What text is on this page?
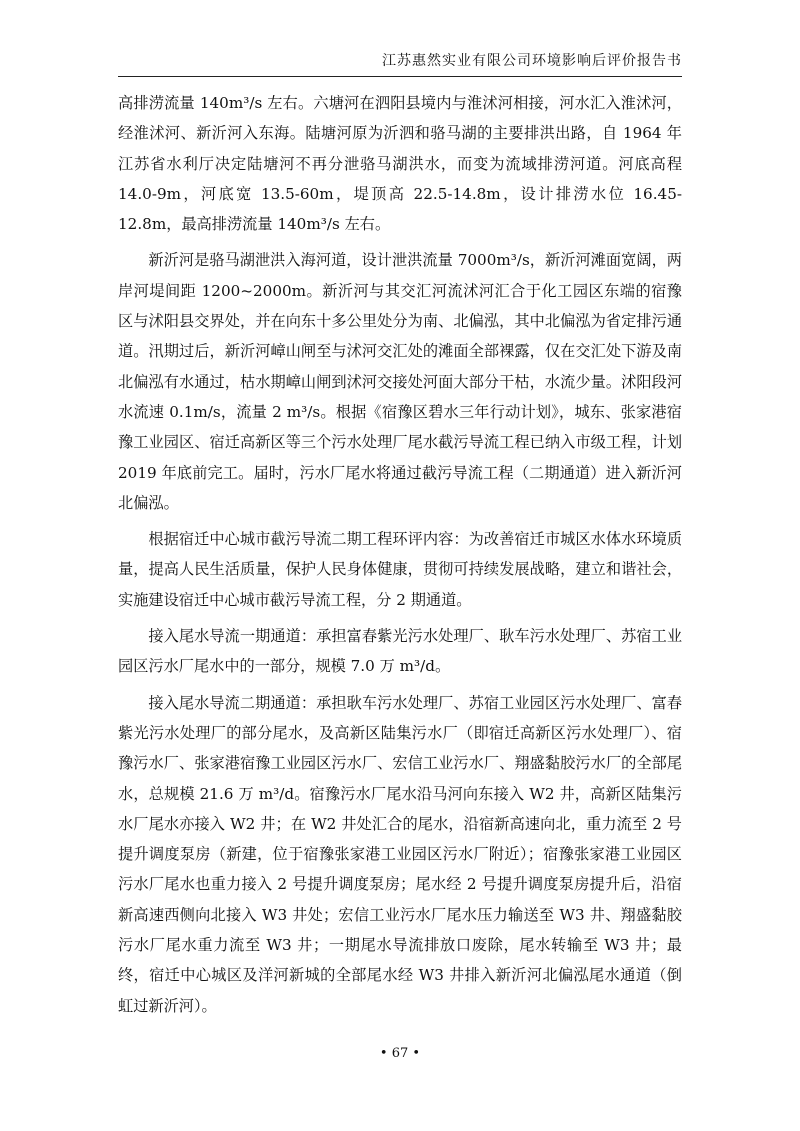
江苏惠然实业有限公司环境影响后评价报告书

高排涝流量 140m³/s 左右。六塘河在泗阳县境内与淮沭河相接，河水汇入淮沭河，经淮沭河、新沂河入东海。陆塘河原为沂泗和骆马湖的主要排洪出路，自 1964 年江苏省水利厅决定陆塘河不再分泄骆马湖洪水，而变为流域排涝河道。河底高程 14.0-9m，河底宽 13.5-60m，堤顶高 22.5-14.8m，设计排涝水位 16.45-12.8m，最高排涝流量 140m³/s 左右。

新沂河是骆马湖泄洪入海河道，设计泄洪流量 7000m³/s，新沂河滩面宽阔，两岸河堤间距 1200~2000m。新沂河与其交汇河流沭河汇合于化工园区东端的宿豫区与沭阳县交界处，并在向东十多公里处分为南、北偏泓，其中北偏泓为省定排污通道。汛期过后，新沂河嶂山闸至与沭河交汇处的滩面全部裸露，仅在交汇处下游及南北偏泓有水通过，枯水期嶂山闸到沭河交接处河面大部分干枯，水流少量。沭阳段河水流速 0.1m/s，流量 2 m³/s。根据《宿豫区碧水三年行动计划》，城东、张家港宿豫工业园区、宿迁高新区等三个污水处理厂尾水截污导流工程已纳入市级工程，计划 2019 年底前完工。届时，污水厂尾水将通过截污导流工程（二期通道）进入新沂河北偏泓。

根据宿迁中心城市截污导流二期工程环评内容：为改善宿迁市城区水体水环境质量，提高人民生活质量，保护人民身体健康，贯彻可持续发展战略，建立和谐社会，实施建设宿迁中心城市截污导流工程，分 2 期通道。

接入尾水导流一期通道：承担富春紫光污水处理厂、耿车污水处理厂、苏宿工业园区污水厂尾水中的一部分，规模 7.0 万 m³/d。

接入尾水导流二期通道：承担耿车污水处理厂、苏宿工业园区污水处理厂、富春紫光污水处理厂的部分尾水，及高新区陆集污水厂（即宿迁高新区污水处理厂）、宿豫污水厂、张家港宿豫工业园区污水厂、宏信工业污水厂、翔盛黏胶污水厂的全部尾水，总规模 21.6 万 m³/d。宿豫污水厂尾水沿马河向东接入 W2 井，高新区陆集污水厂尾水亦接入 W2 井；在 W2 井处汇合的尾水，沿宿新高速向北，重力流至 2 号提升调度泵房（新建，位于宿豫张家港工业园区污水厂附近）；宿豫张家港工业园区污水厂尾水也重力接入 2 号提升调度泵房；尾水经 2 号提升调度泵房提升后，沿宿新高速西侧向北接入 W3 井处；宏信工业污水厂尾水压力输送至 W3 井、翔盛黏胶污水厂尾水重力流至 W3 井；一期尾水导流排放口废除，尾水转输至 W3 井；最终，宿迁中心城区及洋河新城的全部尾水经 W3 井排入新沂河北偏泓尾水通道（倒虹过新沂河）。

• 67 •
